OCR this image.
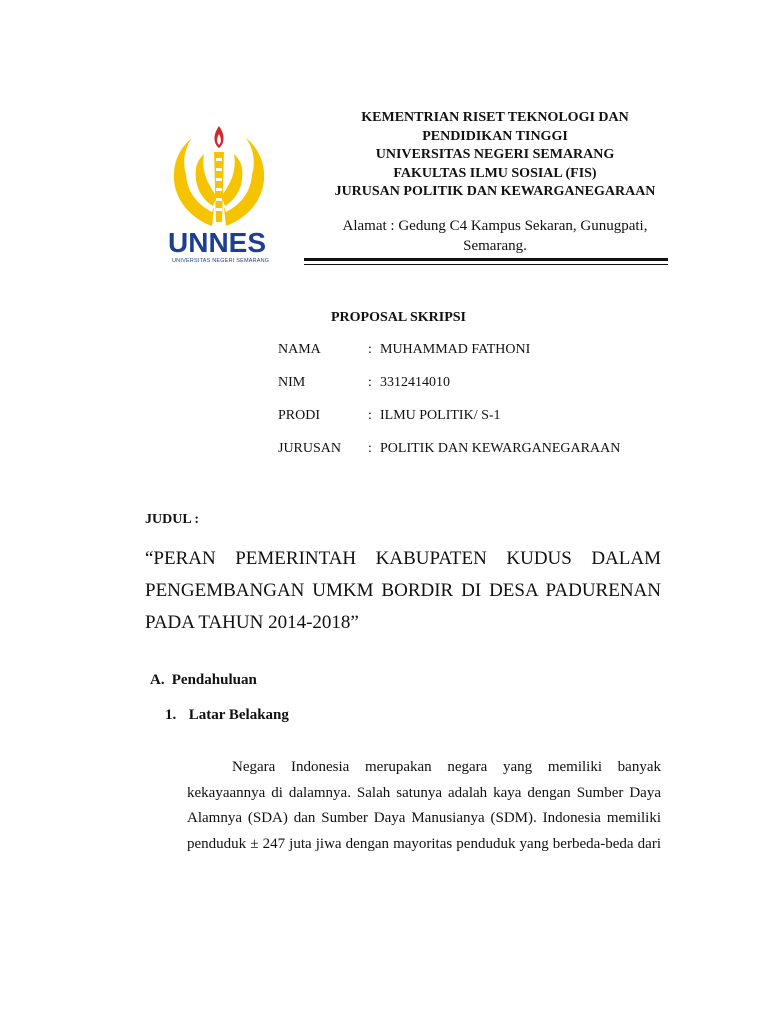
UNNES
UNIVERSITAS NEGERI SEMARANG
KEMENTRIAN RISET TEKNOLOGI DAN
PENDIDIKAN TINGGI
UNIVERSITAS NEGERI SEMARANG
FAKULTAS ILMU SOSIAL (FIS)
JURUSAN POLITIK DAN KEWARGANEGARAAN
Alamat : Gedung C4 Kampus Sekaran, Gunugpati,
Semarang.
PROPOSAL SKRIPSI
NAMA	: MUHAMMAD FATHONI
NIM	: 3312414010
PRODI	: ILMU POLITIK/ S-1
JURUSAN	: POLITIK DAN KEWARGANEGARAAN
JUDUL :
“PERAN PEMERINTAH KABUPATEN KUDUS DALAM PENGEMBANGAN UMKM BORDIR DI DESA PADURENAN PADA TAHUN 2014-2018”
A. Pendahuluan
1. Latar Belakang
Negara Indonesia merupakan negara yang memiliki banyak
kekayaannya di dalamnya. Salah satunya adalah kaya dengan Sumber Daya
Alamnya (SDA) dan Sumber Daya Manusianya (SDM). Indonesia memiliki
penduduk ± 247 juta jiwa dengan mayoritas penduduk yang berbeda-beda dari
